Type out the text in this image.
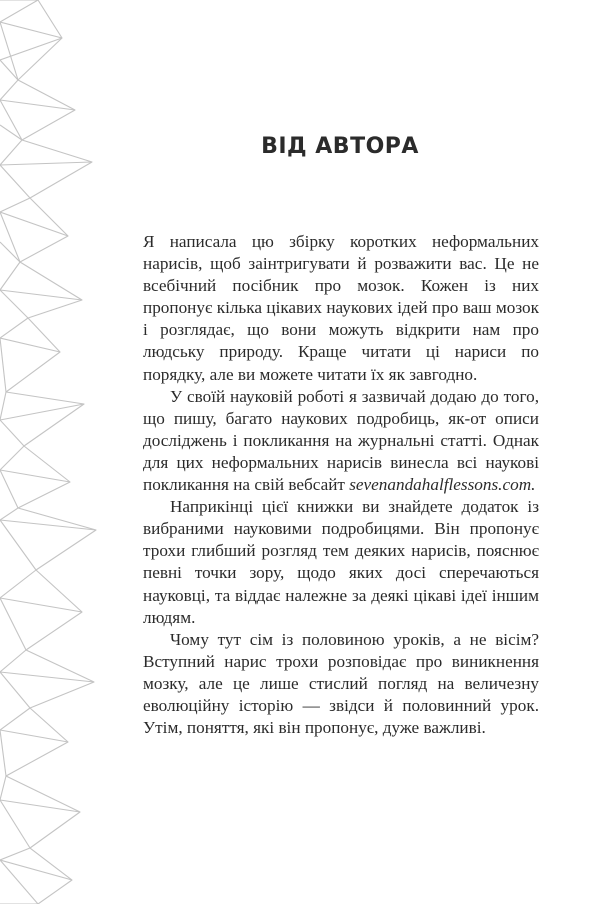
ВІД АВТОРА

Я написала цю збірку коротких неформальних нарисів, щоб заінтригувати й розважити вас. Це не всебічний посібник про мозок. Кожен із них пропонує кілька цікавих наукових ідей про ваш мозок і розглядає, що вони можуть відкрити нам про людську природу. Краще читати ці нариси по порядку, але ви можете читати їх як завгодно.

У своїй науковій роботі я зазвичай додаю до того, що пишу, багато наукових подробиць, як-от описи досліджень і покликання на журнальні статті. Однак для цих неформальних нарисів винесла всі наукові покликання на свій вебсайт sevenandahalflessons.com.

Наприкінці цієї книжки ви знайдете додаток із вибраними науковими подробицями. Він пропонує трохи глибший розгляд тем деяких нарисів, пояснює певні точки зору, щодо яких досі сперечаються науковці, та віддає належне за деякі цікаві ідеї іншим людям.

Чому тут сім із половиною уроків, а не вісім? Вступний нарис трохи розповідає про виникнення мозку, але це лише стислий погляд на величезну еволюційну історію — звідси й половинний урок. Утім, поняття, які він пропонує, дуже важливі.
